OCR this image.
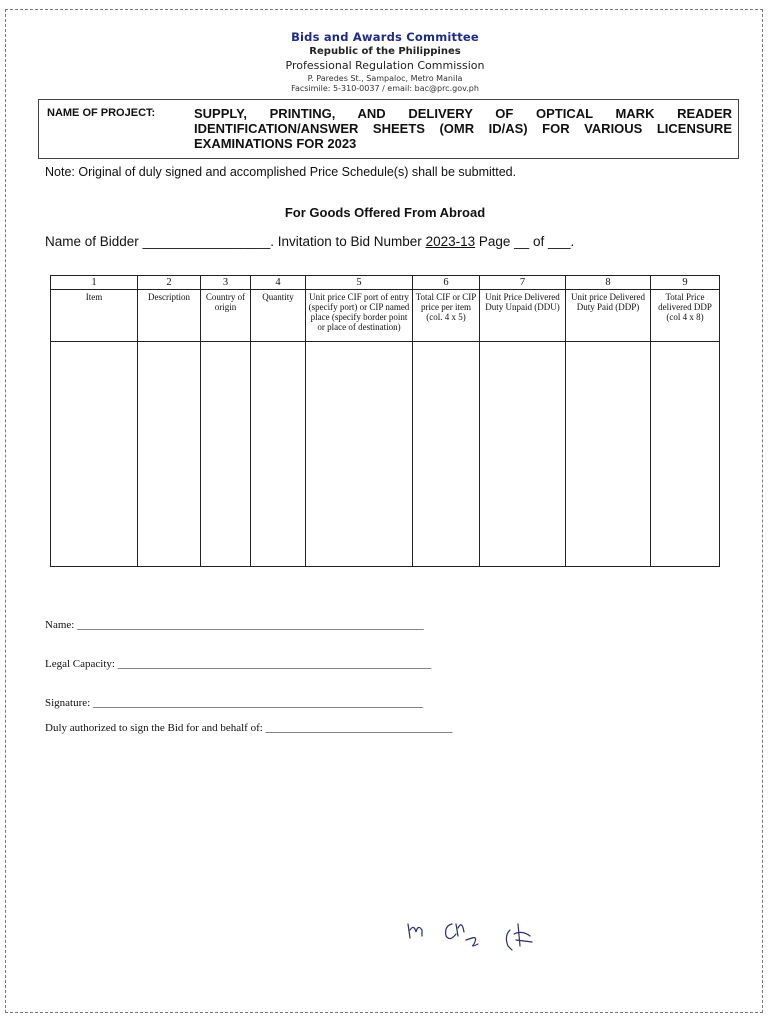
Bids and Awards Committee
Republic of the Philippines
Professional Regulation Commission
P. Paredes St., Sampaloc, Metro Manila
Facsimile: 5-310-0037 / email: bac@prc.gov.ph
NAME OF PROJECT:	SUPPLY, PRINTING, AND DELIVERY OF OPTICAL MARK READER IDENTIFICATION/ANSWER SHEETS (OMR ID/AS) FOR VARIOUS LICENSURE EXAMINATIONS FOR 2023
Note: Original of duly signed and accomplished Price Schedule(s) shall be submitted.
For Goods Offered From Abroad
Name of Bidder _________________. Invitation to Bid Number 2023-13 Page __ of ___.
1	2	3	4	5	6	7	8	9
Item	Description	Country of origin	Quantity	Unit price CIF port of entry (specify port) or CIP named place (specify border point or place of destination)	Total CIF or CIP price per item (col. 4 x 5)	Unit Price Delivered Duty Unpaid (DDU)	Unit price Delivered Duty Paid (DDP)	Total Price delivered DDP (col 4 x 8)

Name: _______________________________________________________________
Legal Capacity: _________________________________________________________
Signature: ____________________________________________________________
Duly authorized to sign the Bid for and behalf of: __________________________________
